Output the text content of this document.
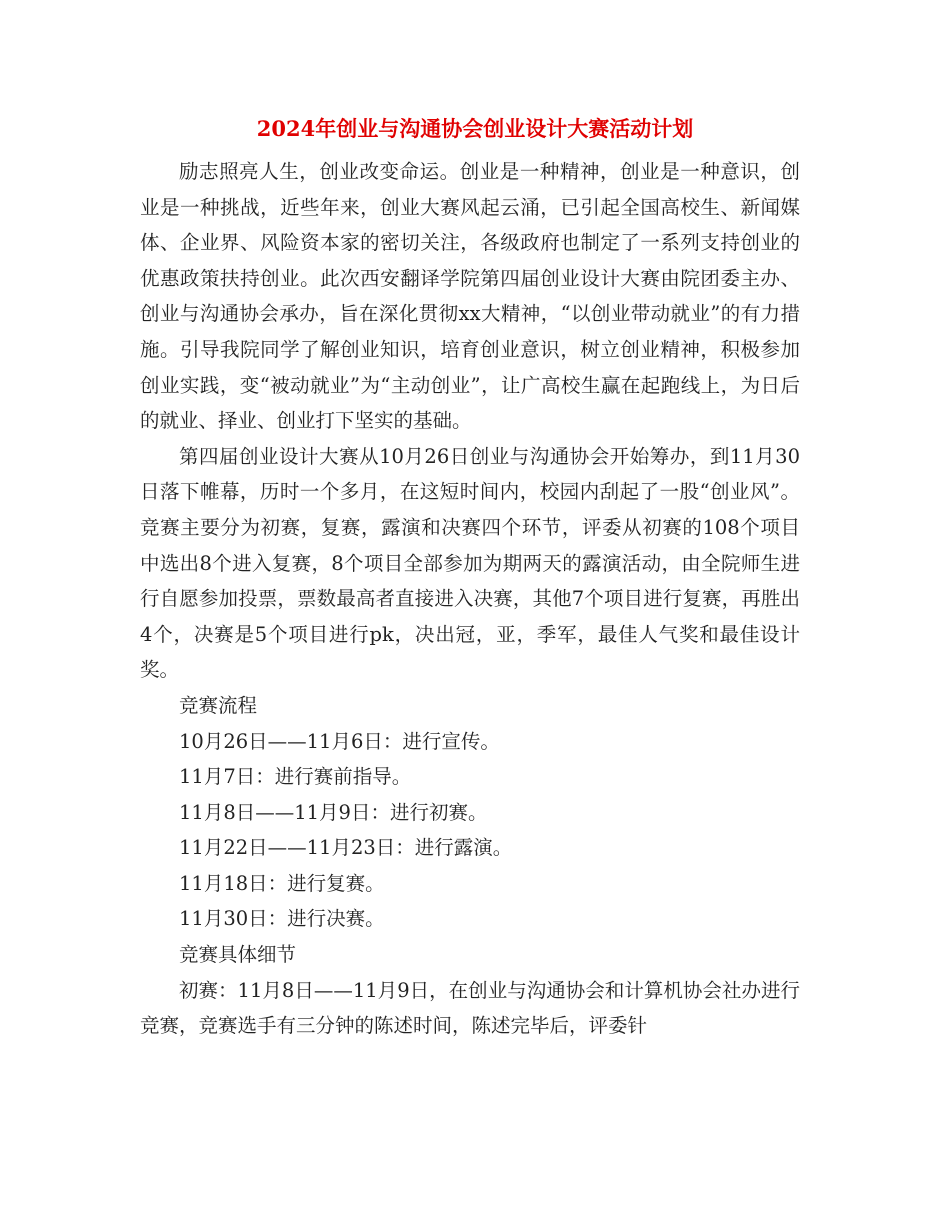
2024年创业与沟通协会创业设计大赛活动计划

励志照亮人生，创业改变命运。创业是一种精神，创业是一种意识，创业是一种挑战，近些年来，创业大赛风起云涌，已引起全国高校生、新闻媒体、企业界、风险资本家的密切关注，各级政府也制定了一系列支持创业的优惠政策扶持创业。此次西安翻译学院第四届创业设计大赛由院团委主办、创业与沟通协会承办，旨在深化贯彻xx大精神，“以创业带动就业”的有力措施。引导我院同学了解创业知识，培育创业意识，树立创业精神，积极参加创业实践，变“被动就业”为“主动创业”，让广高校生赢在起跑线上，为日后的就业、择业、创业打下坚实的基础。

第四届创业设计大赛从10月26日创业与沟通协会开始筹办，到11月30日落下帷幕，历时一个多月，在这短时间内，校园内刮起了一股“创业风”。竞赛主要分为初赛，复赛，露演和决赛四个环节，评委从初赛的108个项目中选出8个进入复赛，8个项目全部参加为期两天的露演活动，由全院师生进行自愿参加投票，票数最高者直接进入决赛，其他7个项目进行复赛，再胜出4个，决赛是5个项目进行pk，决出冠，亚，季军，最佳人气奖和最佳设计奖。

竞赛流程

10月26日——11月6日：进行宣传。

11月7日：进行赛前指导。

11月8日——11月9日：进行初赛。

11月22日——11月23日：进行露演。

11月18日：进行复赛。

11月30日：进行决赛。

竞赛具体细节

初赛：11月8日——11月9日，在创业与沟通协会和计算机协会社办进行竞赛，竞赛选手有三分钟的陈述时间，陈述完毕后，评委针
